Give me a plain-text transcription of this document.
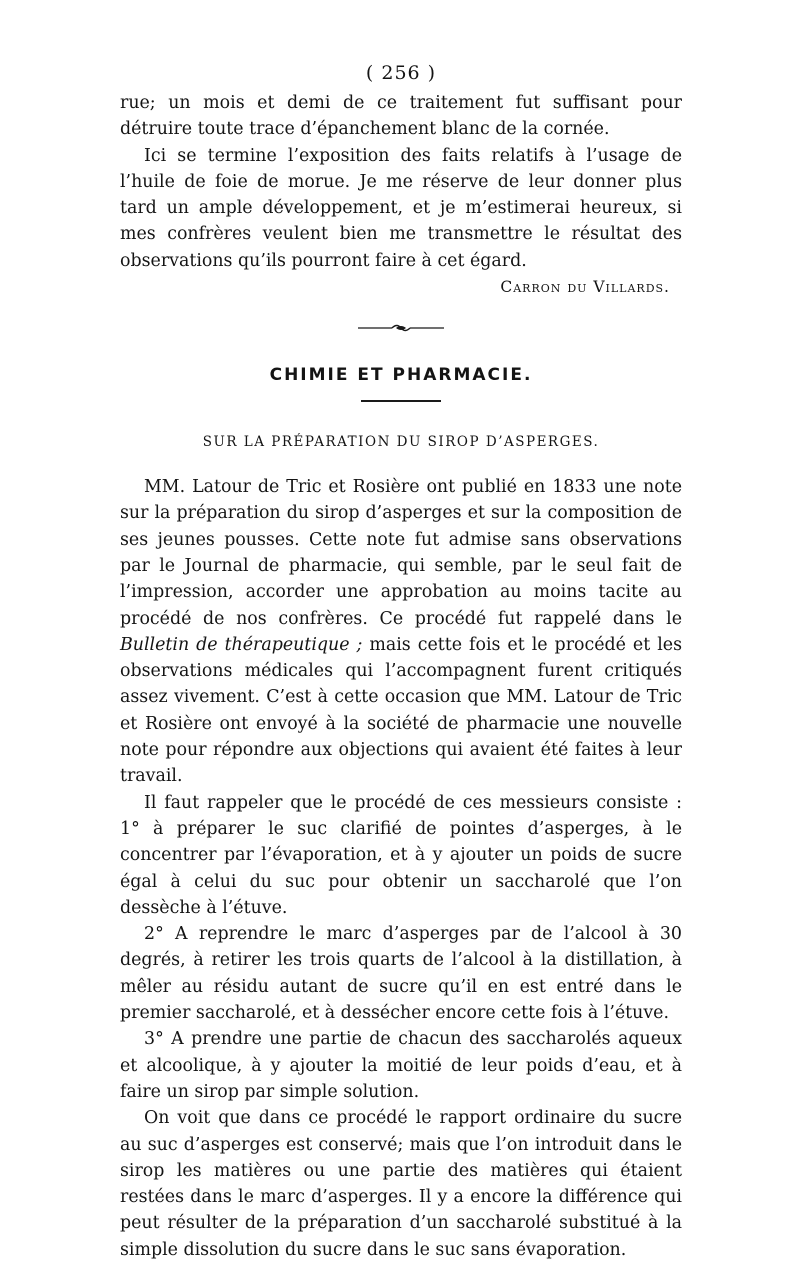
( 256 )

rue; un mois et demi de ce traitement fut suffisant pour détruire toute trace d’épanchement blanc de la cornée.

Ici se termine l’exposition des faits relatifs à l’usage de l’huile de foie de morue. Je me réserve de leur donner plus tard un ample développement, et je m’estimerai heureux, si mes confrères veulent bien me transmettre le résultat des observations qu’ils pourront faire à cet égard.

Carron du Villards.

CHIMIE ET PHARMACIE.
SUR LA PRÉPARATION DU SIROP D’ASPERGES.

MM. Latour de Tric et Rosière ont publié en 1833 une note sur la préparation du sirop d’asperges et sur la composition de ses jeunes pousses. Cette note fut admise sans observations par le Journal de pharmacie, qui semble, par le seul fait de l’impression, accorder une approbation au moins tacite au procédé de nos confrères. Ce procédé fut rappelé dans le Bulletin de thérapeutique ; mais cette fois et le procédé et les observations médicales qui l’accompagnent furent critiqués assez vivement. C’est à cette occasion que MM. Latour de Tric et Rosière ont envoyé à la société de pharmacie une nouvelle note pour répondre aux objections qui avaient été faites à leur travail.

Il faut rappeler que le procédé de ces messieurs consiste : 1° à préparer le suc clarifié de pointes d’asperges, à le concentrer par l’évaporation, et à y ajouter un poids de sucre égal à celui du suc pour obtenir un saccharolé que l’on dessèche à l’étuve.

2° A reprendre le marc d’asperges par de l’alcool à 30 degrés, à retirer les trois quarts de l’alcool à la distillation, à mêler au résidu autant de sucre qu’il en est entré dans le premier saccharolé, et à dessécher encore cette fois à l’étuve.

3° A prendre une partie de chacun des saccharolés aqueux et alcoolique, à y ajouter la moitié de leur poids d’eau, et à faire un sirop par simple solution.

On voit que dans ce procédé le rapport ordinaire du sucre au suc d’asperges est conservé; mais que l’on introduit dans le sirop les matières ou une partie des matières qui étaient restées dans le marc d’asperges. Il y a encore la différence qui peut résulter de la préparation d’un saccharolé substitué à la simple dissolution du sucre dans le suc sans évaporation.
